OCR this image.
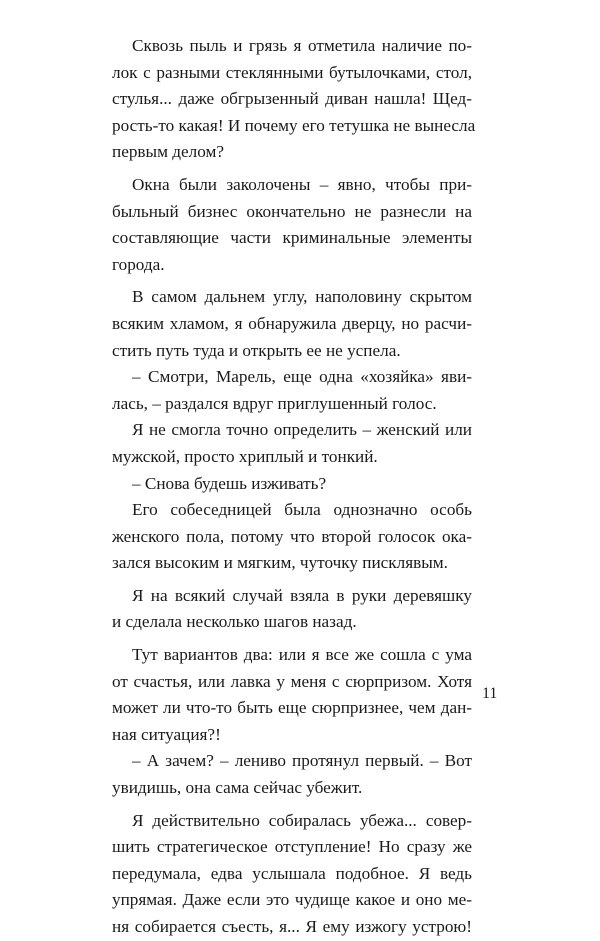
Сквозь пыль и грязь я отметила наличие по-
лок с разными стеклянными бутылочками, стол,
стулья... даже обгрызенный диван нашла! Щед-
рость-то какая! И почему его тетушка не вынесла
первым делом?
Окна были заколочены – явно, чтобы при-
быльный бизнес окончательно не разнесли на
составляющие части криминальные элементы
города.
В самом дальнем углу, наполовину скрытом
всяким хламом, я обнаружила дверцу, но расчи-
стить путь туда и открыть ее не успела.
– Смотри, Марель, еще одна «хозяйка» яви-
лась, – раздался вдруг приглушенный голос.
Я не смогла точно определить – женский или
мужской, просто хриплый и тонкий.
– Снова будешь изживать?
Его собеседницей была однозначно особь
женского пола, потому что второй голосок ока-
зался высоким и мягким, чуточку писклявым.
Я на всякий случай взяла в руки деревяшку
и сделала несколько шагов назад.
Тут вариантов два: или я все же сошла с ума
от счастья, или лавка у меня с сюрпризом. Хотя
может ли что-то быть еще сюрпризнее, чем дан-
ная ситуация?!
– А зачем? – лениво протянул первый. – Вот
увидишь, она сама сейчас убежит.
Я действительно собиралась убежа... совер-
шить стратегическое отступление! Но сразу же
передумала, едва услышала подобное. Я ведь
упрямая. Даже если это чудище какое и оно ме-
ня собирается съесть, я... Я ему изжогу устрою!
11
